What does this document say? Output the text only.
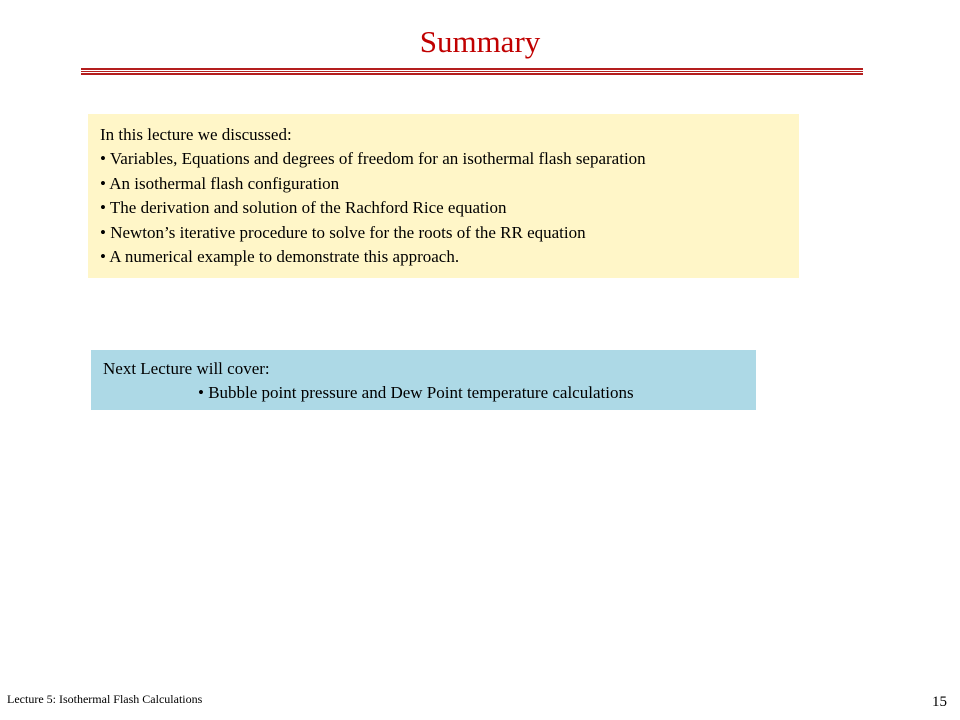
Summary
In this lecture we discussed:
• Variables, Equations and degrees of freedom for an isothermal flash separation
• An isothermal flash configuration
• The derivation and solution of the Rachford Rice equation
• Newton’s iterative procedure to solve for the roots of the RR equation
• A numerical example to demonstrate this approach.
Next Lecture will cover:
• Bubble point pressure and Dew Point temperature calculations
Lecture 5: Isothermal Flash Calculations	15
